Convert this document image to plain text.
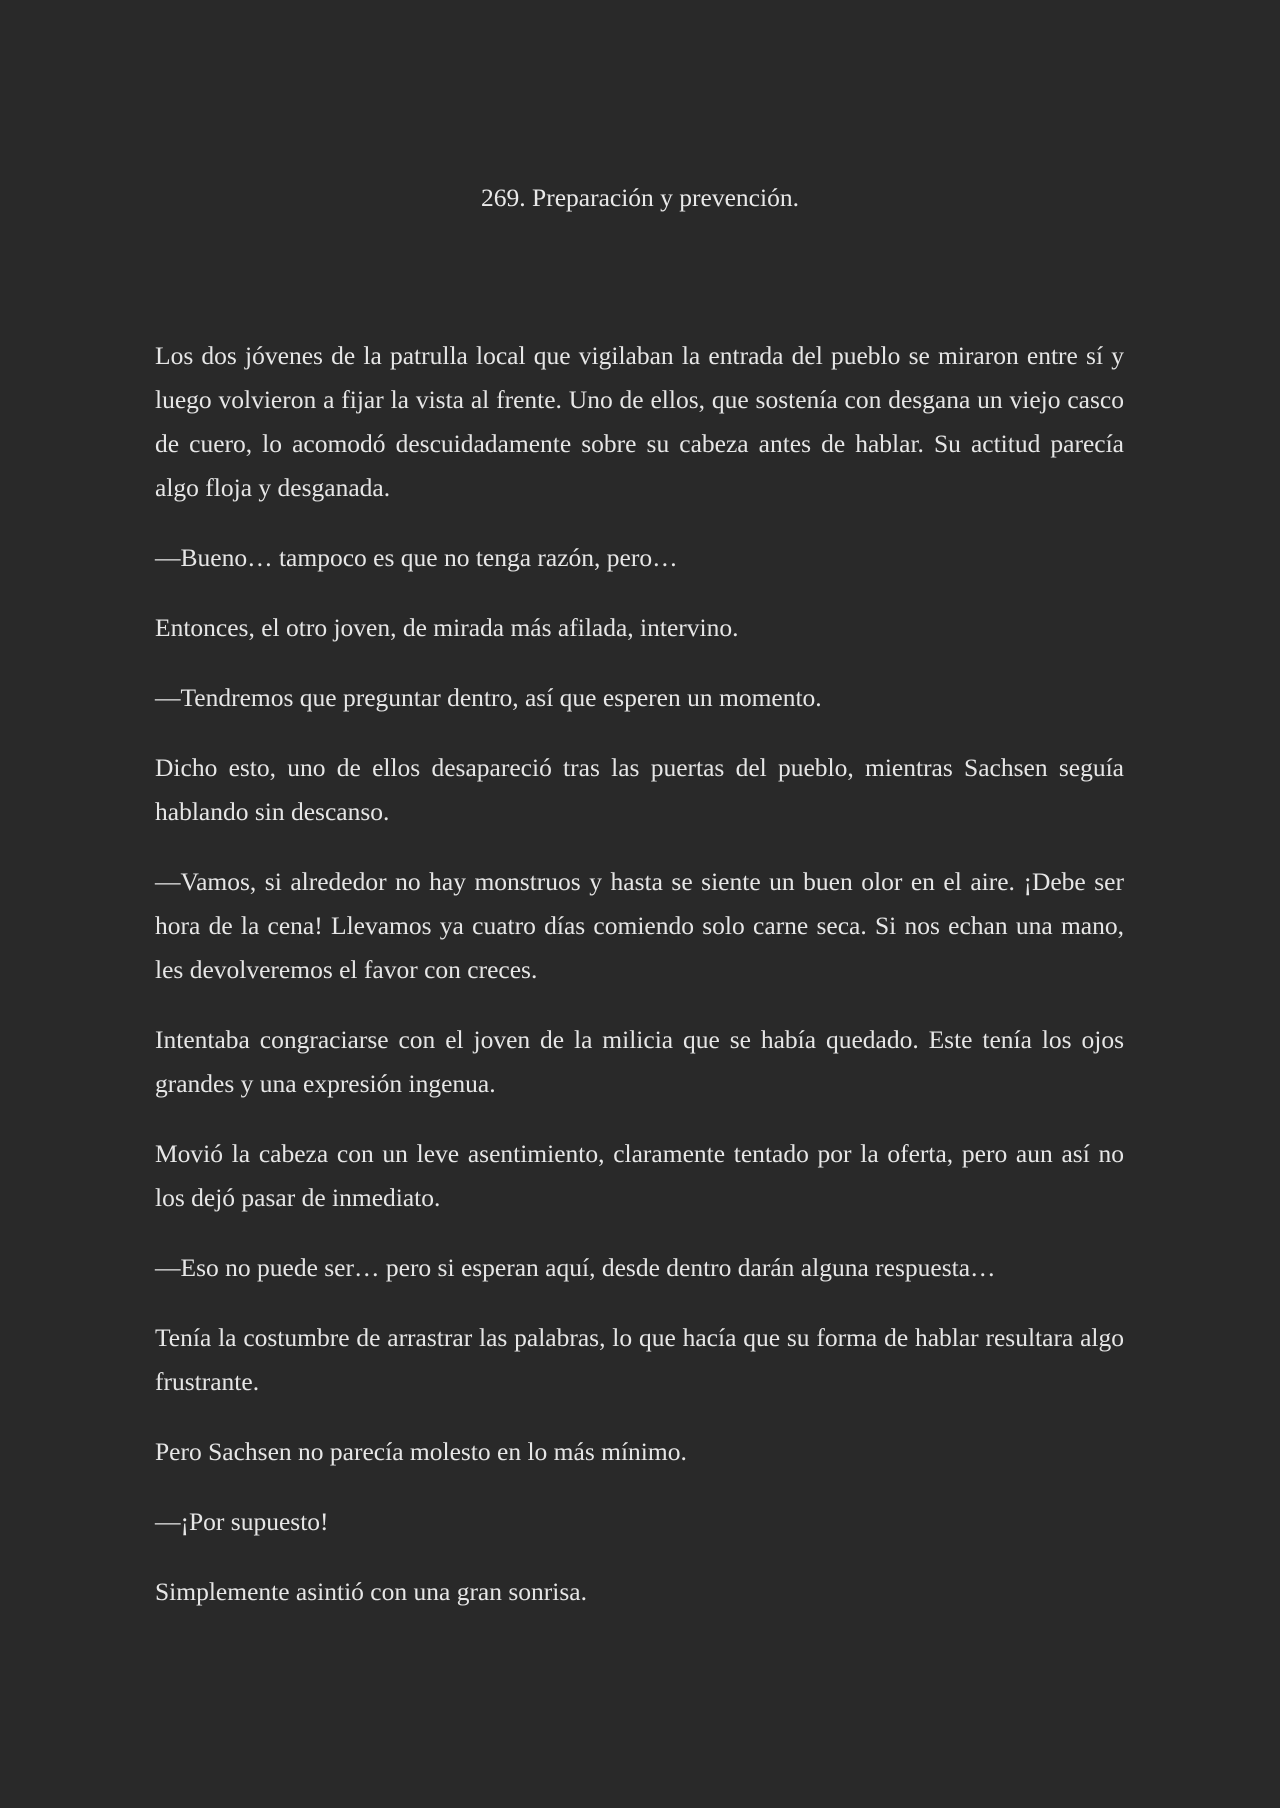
269. Preparación y prevención.

Los dos jóvenes de la patrulla local que vigilaban la entrada del pueblo se miraron entre sí y luego volvieron a fijar la vista al frente. Uno de ellos, que sostenía con desgana un viejo casco de cuero, lo acomodó descuidadamente sobre su cabeza antes de hablar. Su actitud parecía algo floja y desganada.

—Bueno… tampoco es que no tenga razón, pero…

Entonces, el otro joven, de mirada más afilada, intervino.

—Tendremos que preguntar dentro, así que esperen un momento.

Dicho esto, uno de ellos desapareció tras las puertas del pueblo, mientras Sachsen seguía hablando sin descanso.

—Vamos, si alrededor no hay monstruos y hasta se siente un buen olor en el aire. ¡Debe ser hora de la cena! Llevamos ya cuatro días comiendo solo carne seca. Si nos echan una mano, les devolveremos el favor con creces.

Intentaba congraciarse con el joven de la milicia que se había quedado. Este tenía los ojos grandes y una expresión ingenua.

Movió la cabeza con un leve asentimiento, claramente tentado por la oferta, pero aun así no los dejó pasar de inmediato.

—Eso no puede ser… pero si esperan aquí, desde dentro darán alguna respuesta…

Tenía la costumbre de arrastrar las palabras, lo que hacía que su forma de hablar resultara algo frustrante.

Pero Sachsen no parecía molesto en lo más mínimo.

—¡Por supuesto!

Simplemente asintió con una gran sonrisa.
